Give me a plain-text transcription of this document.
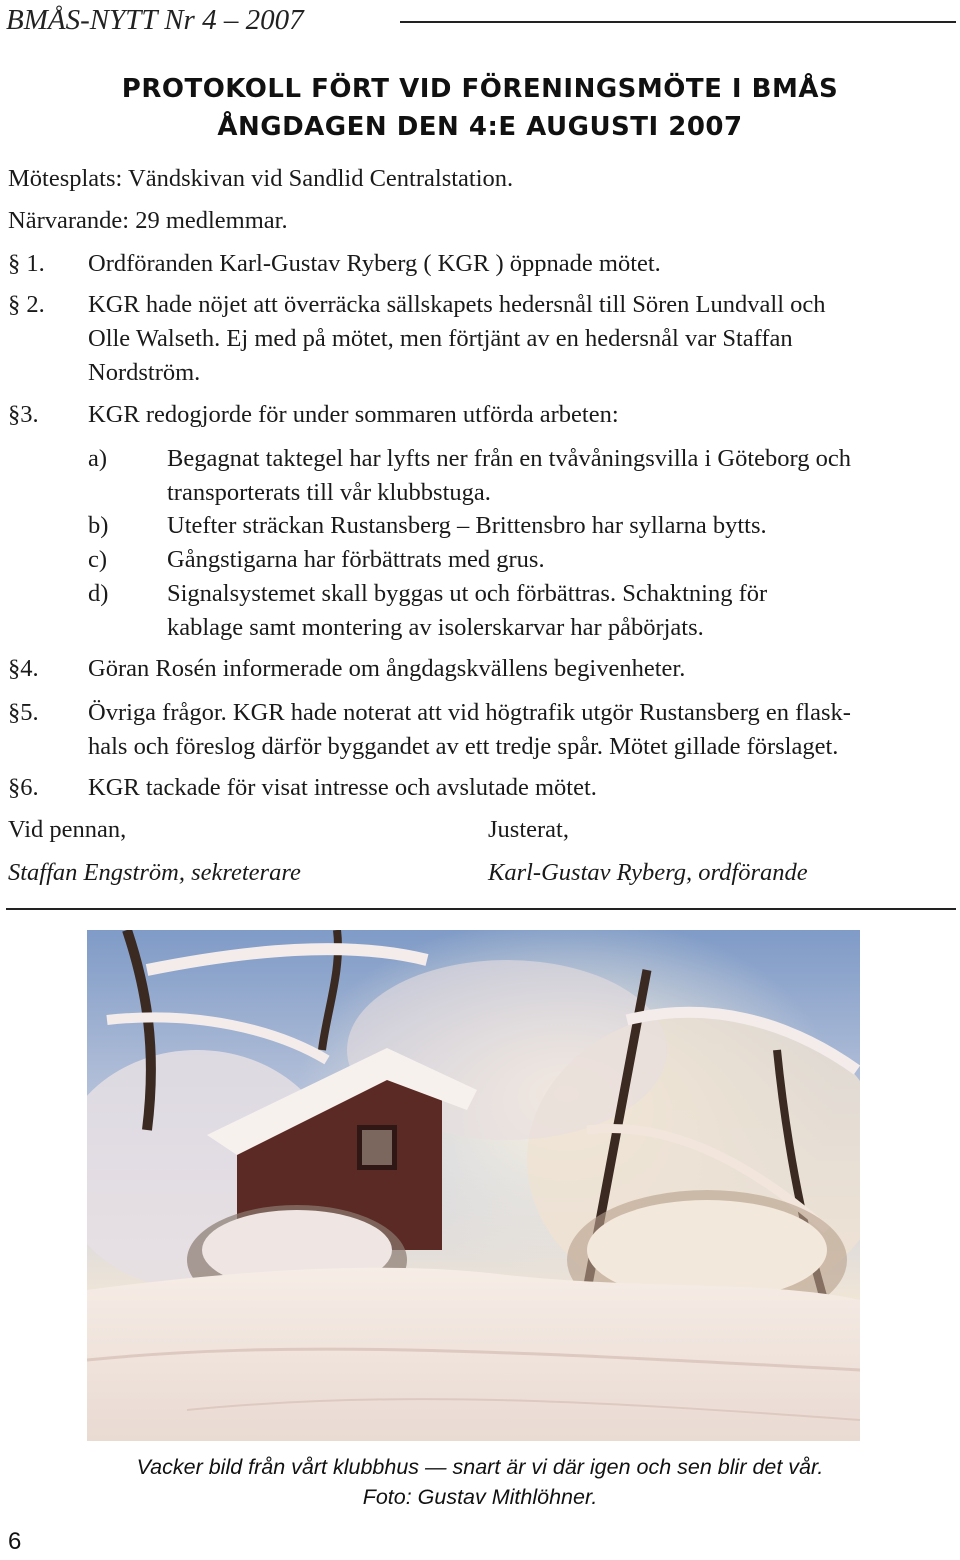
BMÅS-NYTT Nr 4 – 2007
PROTOKOLL FÖRT VID FÖRENINGSMÖTE I BMÅS
ÅNGDAGEN DEN 4:E AUGUSTI 2007
Mötesplats: Vändskivan vid Sandlid Centralstation.
Närvarande: 29 medlemmar.
§ 1. Ordföranden Karl-Gustav Ryberg ( KGR ) öppnade mötet.
§ 2. KGR hade nöjet att överräcka sällskapets hedersnål till Sören Lundvall och
Olle Walseth. Ej med på mötet, men förtjänt av en hedersnål var Staffan
Nordström.
§3. KGR redogjorde för under sommaren utförda arbeten:
a) Begagnat taktegel har lyfts ner från en tvåvåningsvilla i Göteborg och
transporterats till vår klubbstuga.
b) Utefter sträckan Rustansberg – Brittensbro har syllarna bytts.
c) Gångstigarna har förbättrats med grus.
d) Signalsystemet skall byggas ut och förbättras. Schaktning för
kablage samt montering av isolerskarvar har påbörjats.
§4. Göran Rosén informerade om ångdagskvällens begivenheter.
§5. Övriga frågor. KGR hade noterat att vid högtrafik utgör Rustansberg en flask-
hals och föreslog därför byggandet av ett tredje spår. Mötet gillade förslaget.
§6. KGR tackade för visat intresse och avslutade mötet.
Vid pennan,
Staffan Engström, sekreterare
Justerat,
Karl-Gustav Ryberg, ordförande
Vacker bild från vårt klubbhus — snart är vi där igen och sen blir det vår.
Foto: Gustav Mithlöhner.
6
